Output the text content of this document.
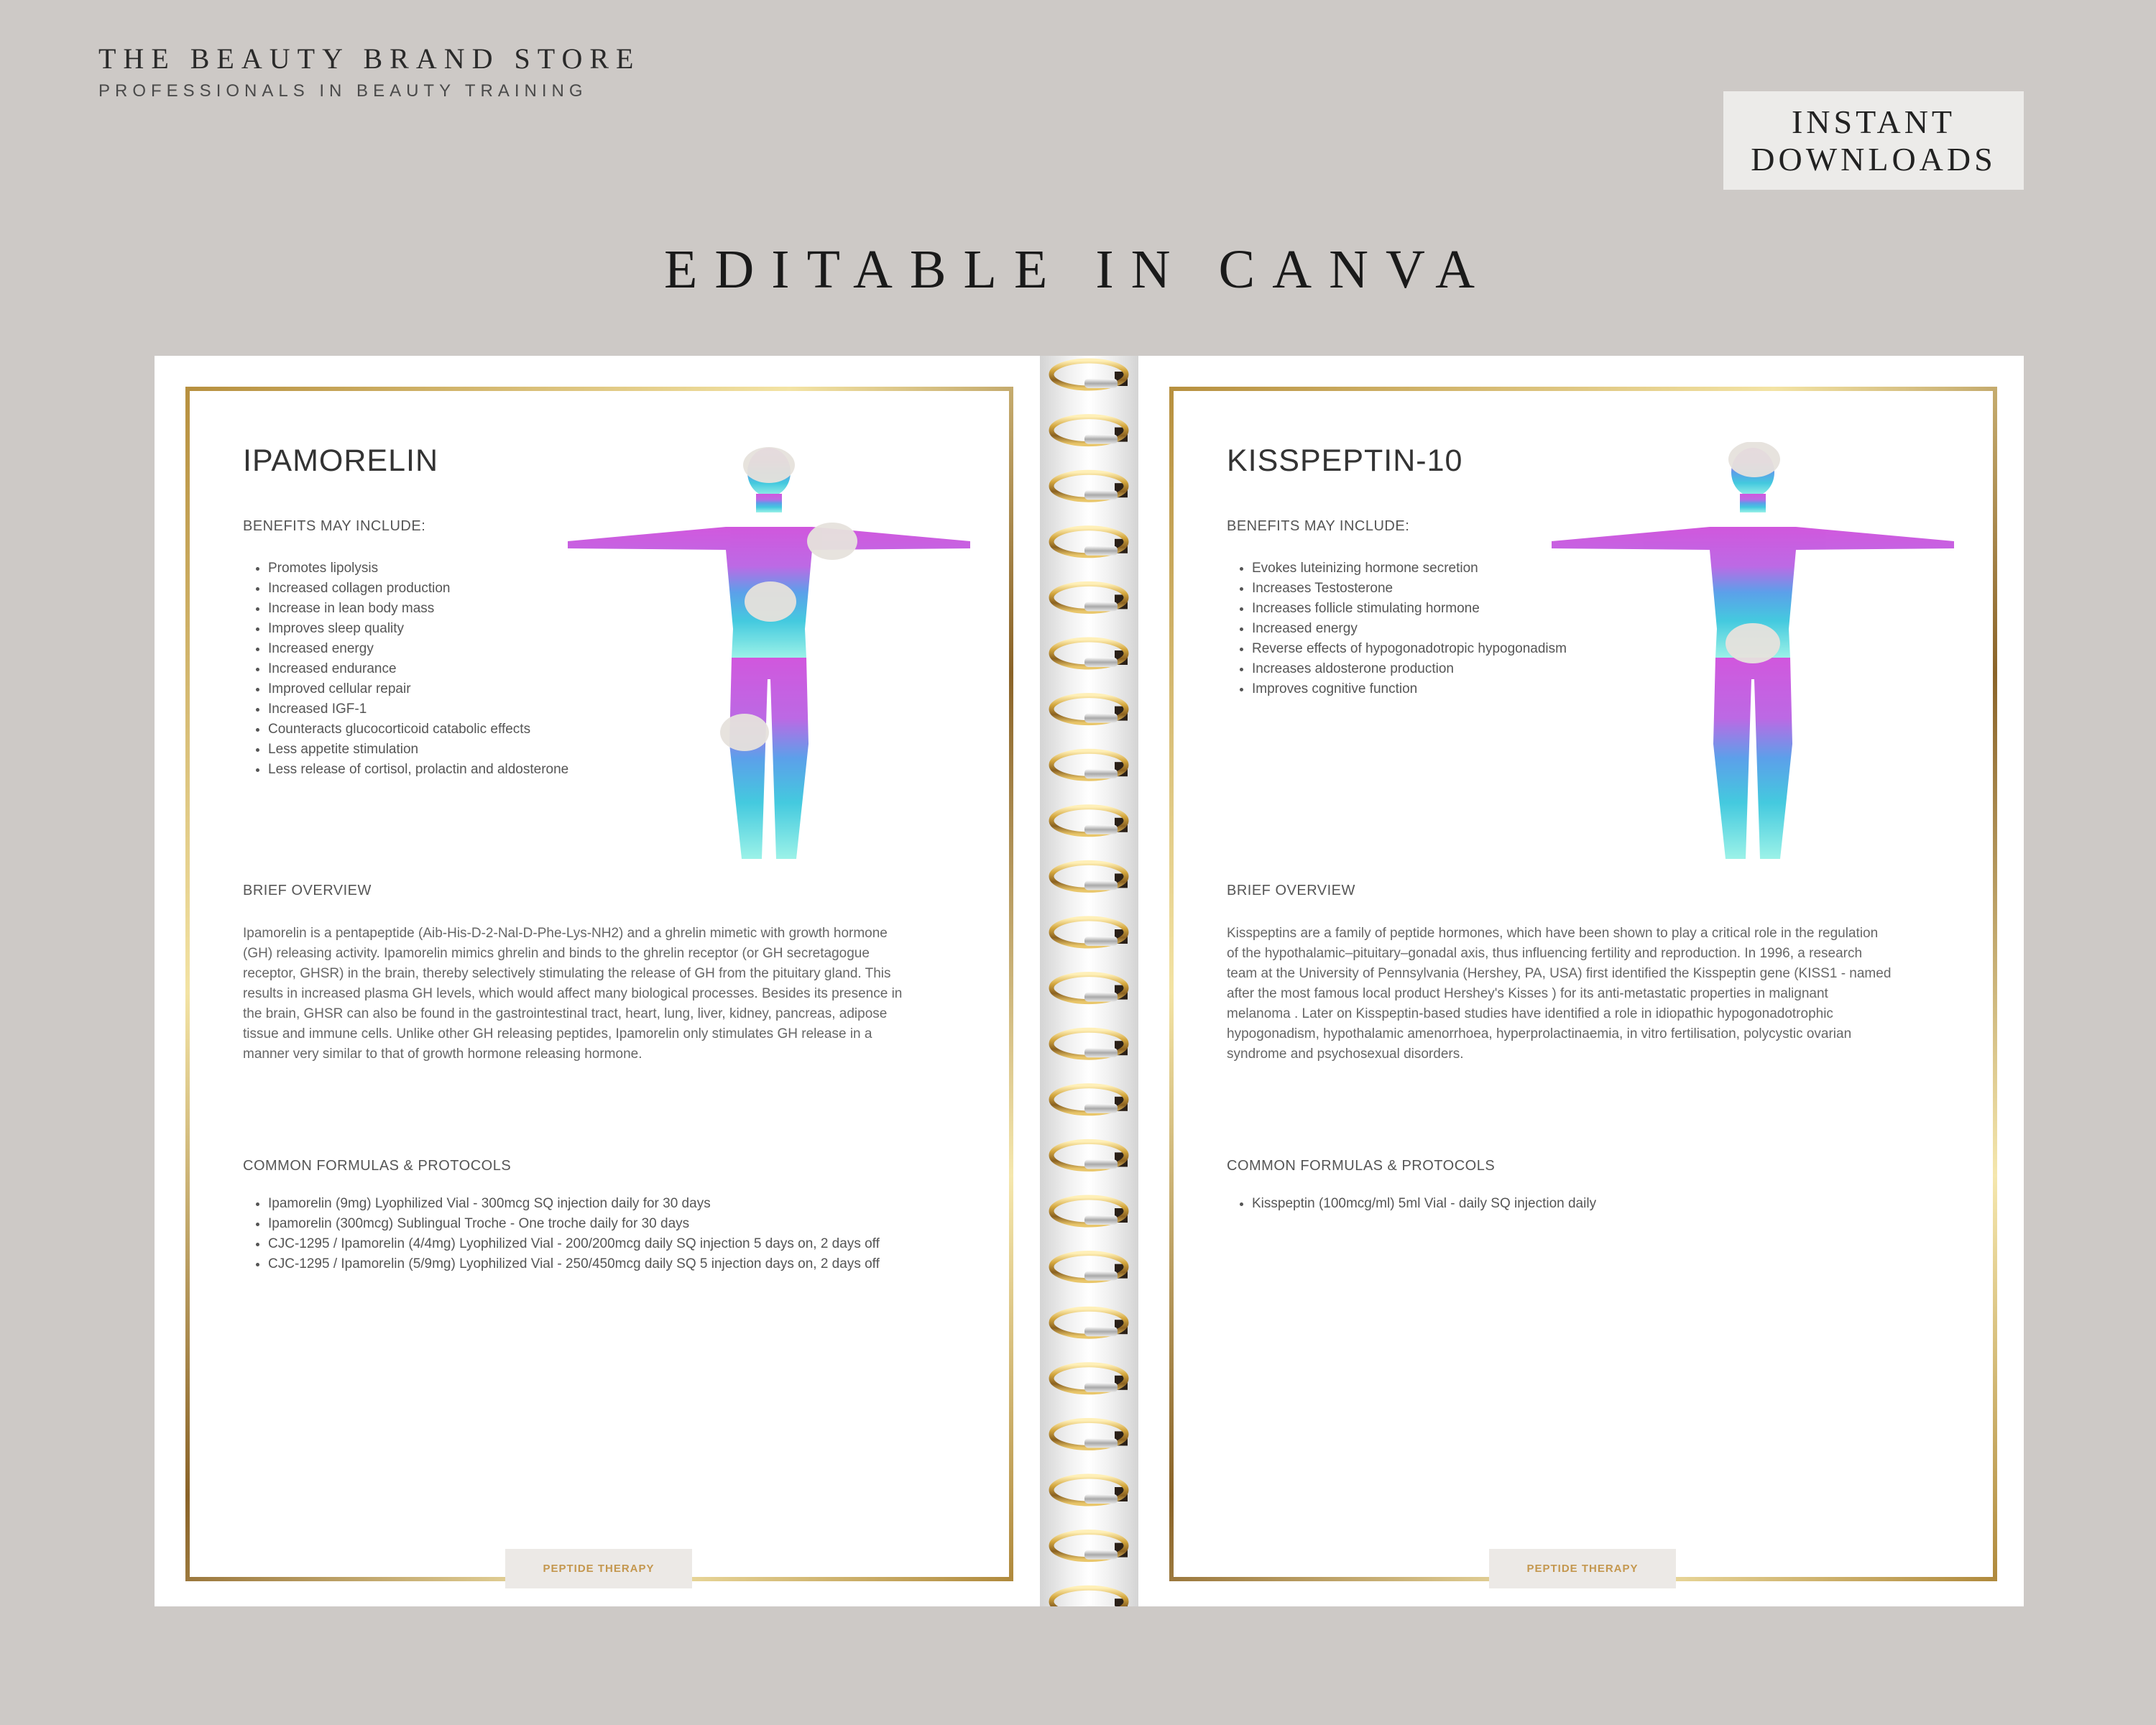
THE BEAUTY BRAND STORE
PROFESSIONALS IN BEAUTY TRAINING
INSTANT
DOWNLOADS
EDITABLE IN CANVA
IPAMORELIN
BENEFITS MAY INCLUDE:
• Promotes lipolysis
• Increased collagen production
• Increase in lean body mass
• Improves sleep quality
• Increased energy
• Increased endurance
• Improved cellular repair
• Increased IGF-1
• Counteracts glucocorticoid catabolic effects
• Less appetite stimulation
• Less release of cortisol, prolactin and aldosterone
BRIEF OVERVIEW
Ipamorelin is a pentapeptide (Aib-His-D-2-Nal-D-Phe-Lys-NH2) and a ghrelin mimetic with growth hormone
(GH) releasing activity. Ipamorelin mimics ghrelin and binds to the ghrelin receptor (or GH secretagogue
receptor, GHSR) in the brain, thereby selectively stimulating the release of GH from the pituitary gland. This
results in increased plasma GH levels, which would affect many biological processes. Besides its presence in
the brain, GHSR can also be found in the gastrointestinal tract, heart, lung, liver, kidney, pancreas, adipose
tissue and immune cells. Unlike other GH releasing peptides, Ipamorelin only stimulates GH release in a
manner very similar to that of growth hormone releasing hormone.
COMMON FORMULAS & PROTOCOLS
• Ipamorelin (9mg) Lyophilized Vial - 300mcg SQ injection daily for 30 days
• Ipamorelin (300mcg) Sublingual Troche - One troche daily for 30 days
• CJC-1295 / Ipamorelin (4/4mg) Lyophilized Vial - 200/200mcg daily SQ injection 5 days on, 2 days off
• CJC-1295 / Ipamorelin (5/9mg) Lyophilized Vial - 250/450mcg daily SQ 5 injection days on, 2 days off
PEPTIDE THERAPY
KISSPEPTIN-10
BENEFITS MAY INCLUDE:
• Evokes luteinizing hormone secretion
• Increases Testosterone
• Increases follicle stimulating hormone
• Increased energy
• Reverse effects of hypogonadotropic hypogonadism
• Increases aldosterone production
• Improves cognitive function
BRIEF OVERVIEW
Kisspeptins are a family of peptide hormones, which have been shown to play a critical role in the regulation
of the hypothalamic–pituitary–gonadal axis, thus influencing fertility and reproduction. In 1996, a research
team at the University of Pennsylvania (Hershey, PA, USA) first identified the Kisspeptin gene (KISS1 - named
after the most famous local product Hershey's Kisses ) for its anti-metastatic properties in malignant
melanoma . Later on Kisspeptin-based studies have identified a role in idiopathic hypogonadotrophic
hypogonadism, hypothalamic amenorrhoea, hyperprolactinaemia, in vitro fertilisation, polycystic ovarian
syndrome and psychosexual disorders.
COMMON FORMULAS & PROTOCOLS
• Kisspeptin (100mcg/ml) 5ml Vial - daily SQ injection daily
PEPTIDE THERAPY
